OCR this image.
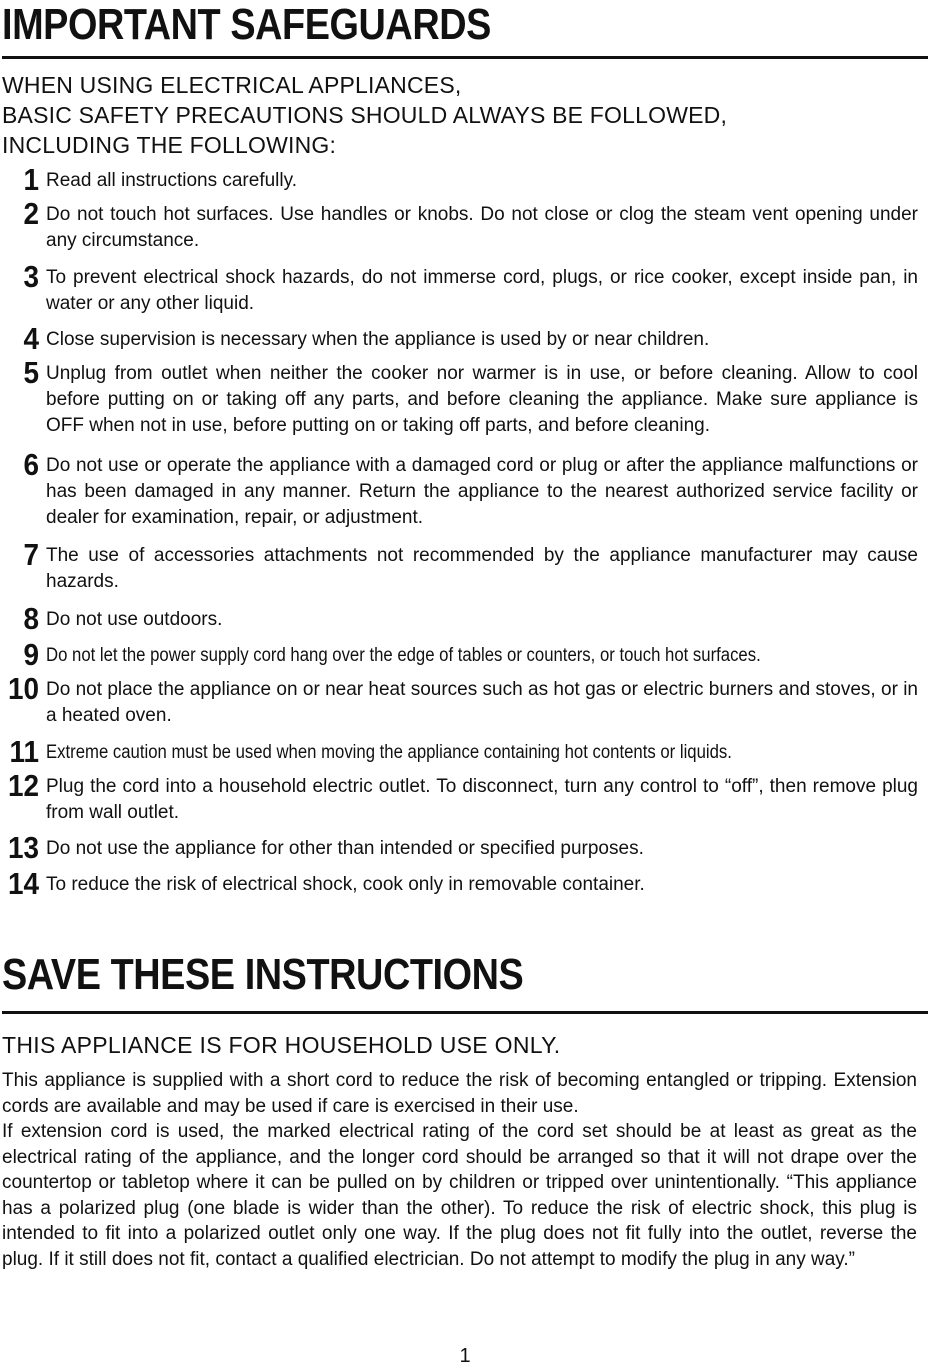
IMPORTANT SAFEGUARDS
WHEN USING ELECTRICAL APPLIANCES,
BASIC SAFETY PRECAUTIONS SHOULD ALWAYS BE FOLLOWED,
INCLUDING THE FOLLOWING:
1 Read all instructions carefully.
2 Do not touch hot surfaces. Use handles or knobs. Do not close or clog the steam vent opening under any circumstance.
3 To prevent electrical shock hazards, do not immerse cord, plugs, or rice cooker, except inside pan, in water or any other liquid.
4 Close supervision is necessary when the appliance is used by or near children.
5 Unplug from outlet when neither the cooker nor warmer is in use, or before cleaning. Allow to cool before putting on or taking off any parts, and before cleaning the appliance. Make sure appliance is OFF when not in use, before putting on or taking off parts, and before cleaning.
6 Do not use or operate the appliance with a damaged cord or plug or after the appliance malfunctions or has been damaged in any manner. Return the appliance to the nearest authorized service facility or dealer for examination, repair, or adjustment.
7 The use of accessories attachments not recommended by the appliance manufacturer may cause hazards.
8 Do not use outdoors.
9 Do not let the power supply cord hang over the edge of tables or counters, or touch hot surfaces.
10 Do not place the appliance on or near heat sources such as hot gas or electric burners and stoves, or in a heated oven.
11 Extreme caution must be used when moving the appliance containing hot contents or liquids.
12 Plug the cord into a household electric outlet. To disconnect, turn any control to “off”, then remove plug from wall outlet.
13 Do not use the appliance for other than intended or specified purposes.
14 To reduce the risk of electrical shock, cook only in removable container.
SAVE THESE INSTRUCTIONS
THIS APPLIANCE IS FOR HOUSEHOLD USE ONLY.

This appliance is supplied with a short cord to reduce the risk of becoming entangled or tripping. Extension cords are available and may be used if care is exercised in their use.

If extension cord is used, the marked electrical rating of the cord set should be at least as great as the electrical rating of the appliance, and the longer cord should be arranged so that it will not drape over the countertop or tabletop where it can be pulled on by children or tripped over unintentionally. “This appliance has a polarized plug (one blade is wider than the other). To reduce the risk of electric shock, this plug is intended to fit into a polarized outlet only one way. If the plug does not fit fully into the outlet, reverse the plug. If it still does not fit, contact a qualified electrician. Do not attempt to modify the plug in any way.”

1
